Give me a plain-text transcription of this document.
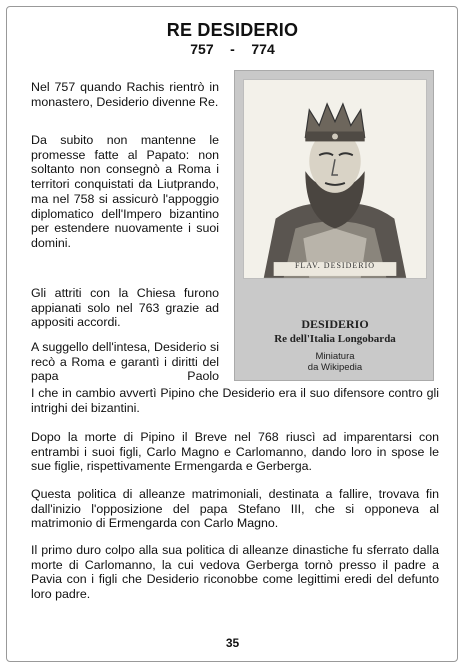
RE DESIDERIO
757 - 774

Nel 757 quando Rachis rientrò in monastero, Desiderio divenne Re.

Da subito non mantenne le promesse fatte al Papato: non soltanto non consegnò a Roma i territori conquistati da Liutprando, ma nel 758 si assicurò l'appoggio diplomatico dell'Impero bizantino per estendere nuovamente i suoi domini.

Gli attriti con la Chiesa furono appianati solo nel 763 grazie ad appositi accordi.

A suggello dell'intesa, Desiderio si recò a Roma e garantì i diritti del papa Paolo

I che in cambio avvertì Pipino che Desiderio era il suo difensore contro gli intrighi dei bizantini.

Dopo la morte di Pipino il Breve nel 768 riuscì ad imparentarsi con entrambi i suoi figli, Carlo Magno e Carlomanno, dando loro in spose le sue figlie, rispettivamente Ermengarda e Gerberga.

Questa politica di alleanze matrimoniali, destinata a fallire, trovava fin dall'inizio l'opposizione del papa Stefano III, che si opponeva al matrimonio di Ermengarda con Carlo Magno.

Il primo duro colpo alla sua politica di alleanze dinastiche fu sferrato dalla morte di Carlomanno, la cui vedova Gerberga tornò presso il padre a Pavia con i figli che Desiderio riconobbe come legittimi eredi del defunto loro padre.

FLAV. DESIDERIO
DESIDERIO
Re dell'Italia Longobarda
Miniatura
da Wikipedia
35
